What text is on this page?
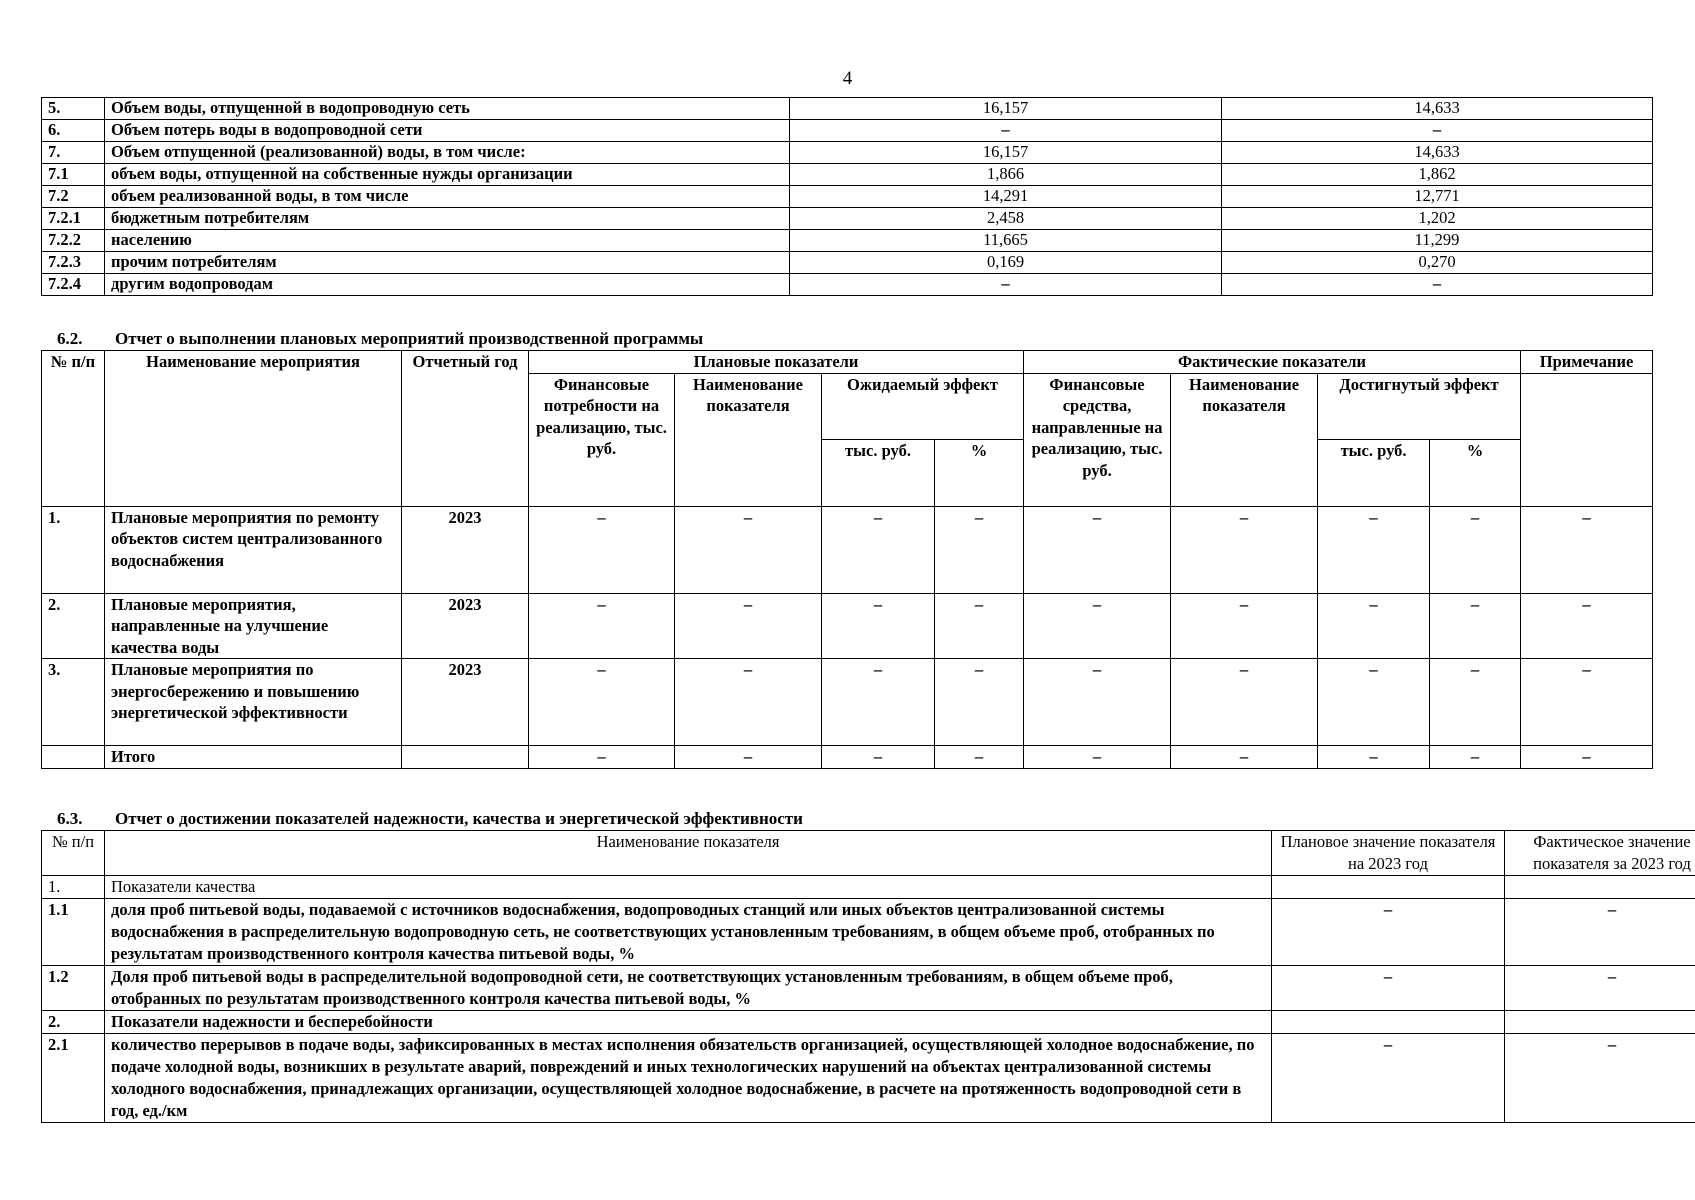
4
5.	Объем воды, отпущенной в водопроводную сеть	16,157	14,633
6.	Объем потерь воды в водопроводной сети	–	–
7.	Объем отпущенной (реализованной) воды, в том числе:	16,157	14,633
7.1	объем воды, отпущенной на собственные нужды организации	1,866	1,862
7.2	объем реализованной воды, в том числе	14,291	12,771
7.2.1	бюджетным потребителям	2,458	1,202
7.2.2	населению	11,665	11,299
7.2.3	прочим потребителям	0,169	0,270
7.2.4	другим водопроводам	–	–
6.2. Отчет о выполнении плановых мероприятий производственной программы
№ п/п	Наименование мероприятия	Отчетный год	Плановые показатели				Фактические показатели				Примечание
			Финансовые потребности на реализацию, тыс. руб.	Наименование показателя	Ожидаемый эффект		Финансовые средства, направленные на реализацию, тыс. руб.	Наименование показателя	Достигнутый эффект		
					тыс. руб.	%			тыс. руб.	%	
1.	Плановые мероприятия по ремонту объектов систем централизованного водоснабжения	2023	–	–	–	–	–	–	–	–	–
2.	Плановые мероприятия, направленные на улучшение качества воды	2023	–	–	–	–	–	–	–	–	–
3.	Плановые мероприятия по энергосбережению и повышению энергетической эффективности	2023	–	–	–	–	–	–	–	–	–
	Итого		–	–	–	–	–	–	–	–	–
6.3. Отчет о достижении показателей надежности, качества и энергетической эффективности
№ п/п	Наименование показателя	Плановое значение показателя на 2023 год	Фактическое значение показателя за 2023 год
1.	Показатели качества		
1.1	доля проб питьевой воды, подаваемой с источников водоснабжения, водопроводных станций или иных объектов централизованной системы водоснабжения в распределительную водопроводную сеть, не соответствующих установленным требованиям, в общем объеме проб, отобранных по результатам производственного контроля качества питьевой воды, %	–	–
1.2	Доля проб питьевой воды в распределительной водопроводной сети, не соответствующих установленным требованиям, в общем объеме проб, отобранных по результатам производственного контроля качества питьевой воды, %	–	–
2.	Показатели надежности и бесперебойности		
2.1	количество перерывов в подаче воды, зафиксированных в местах исполнения обязательств организацией, осуществляющей холодное водоснабжение, по подаче холодной воды, возникших в результате аварий, повреждений и иных технологических нарушений на объектах централизованной системы холодного водоснабжения, принадлежащих организации, осуществляющей холодное водоснабжение, в расчете на протяженность водопроводной сети в год, ед./км	–	–
